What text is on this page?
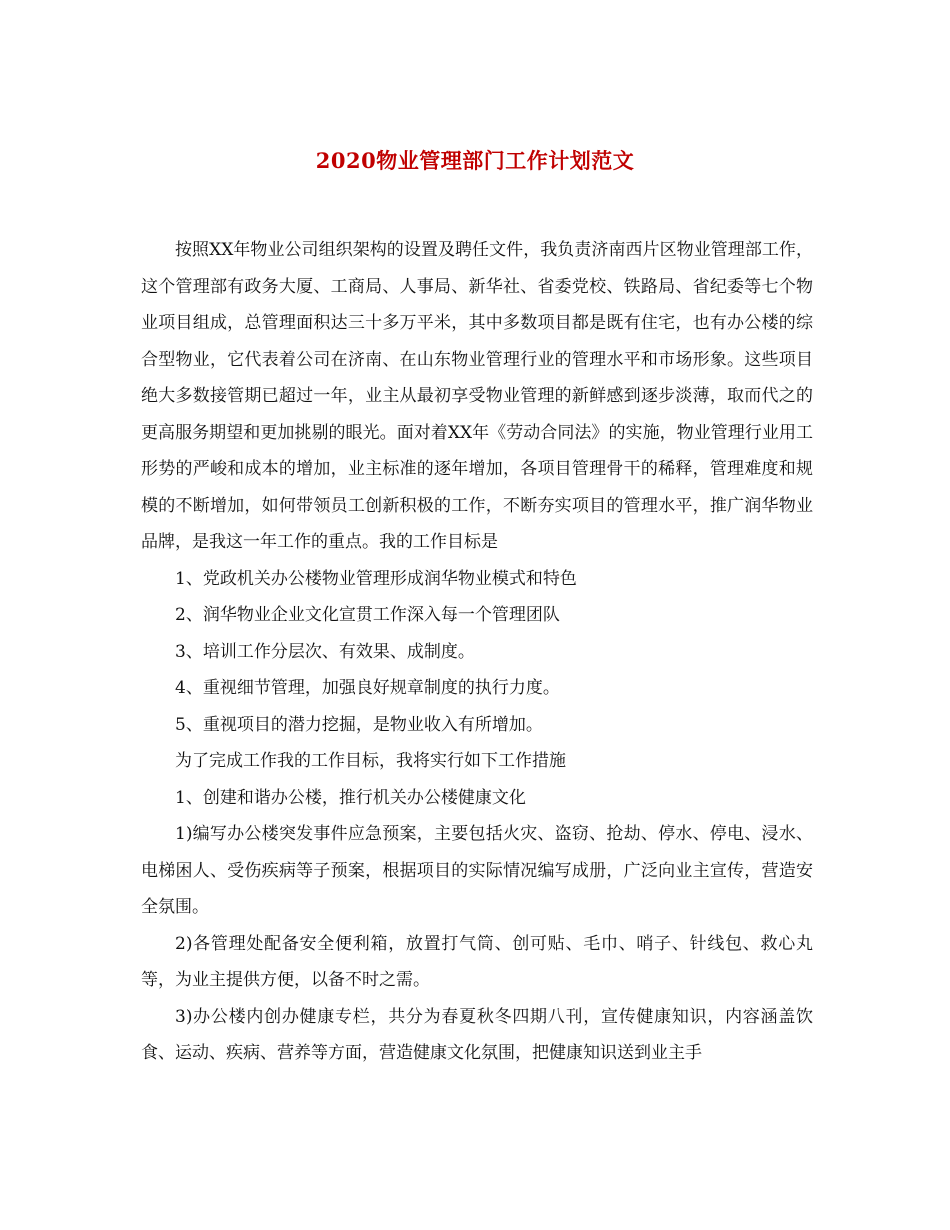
2020物业管理部门工作计划范文

按照XX年物业公司组织架构的设置及聘任文件，我负责济南西片区物业管理部工作，这个管理部有政务大厦、工商局、人事局、新华社、省委党校、铁路局、省纪委等七个物业项目组成，总管理面积达三十多万平米，其中多数项目都是既有住宅，也有办公楼的综合型物业，它代表着公司在济南、在山东物业管理行业的管理水平和市场形象。这些项目绝大多数接管期已超过一年，业主从最初享受物业管理的新鲜感到逐步淡薄，取而代之的更高服务期望和更加挑剔的眼光。面对着XX年《劳动合同法》的实施，物业管理行业用工形势的严峻和成本的增加，业主标准的逐年增加，各项目管理骨干的稀释，管理难度和规模的不断增加，如何带领员工创新积极的工作，不断夯实项目的管理水平，推广润华物业品牌，是我这一年工作的重点。我的工作目标是

1、党政机关办公楼物业管理形成润华物业模式和特色

2、润华物业企业文化宣贯工作深入每一个管理团队

3、培训工作分层次、有效果、成制度。

4、重视细节管理，加强良好规章制度的执行力度。

5、重视项目的潜力挖掘，是物业收入有所增加。

为了完成工作我的工作目标，我将实行如下工作措施

1、创建和谐办公楼，推行机关办公楼健康文化

1)编写办公楼突发事件应急预案，主要包括火灾、盗窃、抢劫、停水、停电、浸水、电梯困人、受伤疾病等子预案，根据项目的实际情况编写成册，广泛向业主宣传，营造安全氛围。

2)各管理处配备安全便利箱，放置打气筒、创可贴、毛巾、哨子、针线包、救心丸等，为业主提供方便，以备不时之需。

3)办公楼内创办健康专栏，共分为春夏秋冬四期八刊，宣传健康知识，内容涵盖饮食、运动、疾病、营养等方面，营造健康文化氛围，把健康知识送到业主手
